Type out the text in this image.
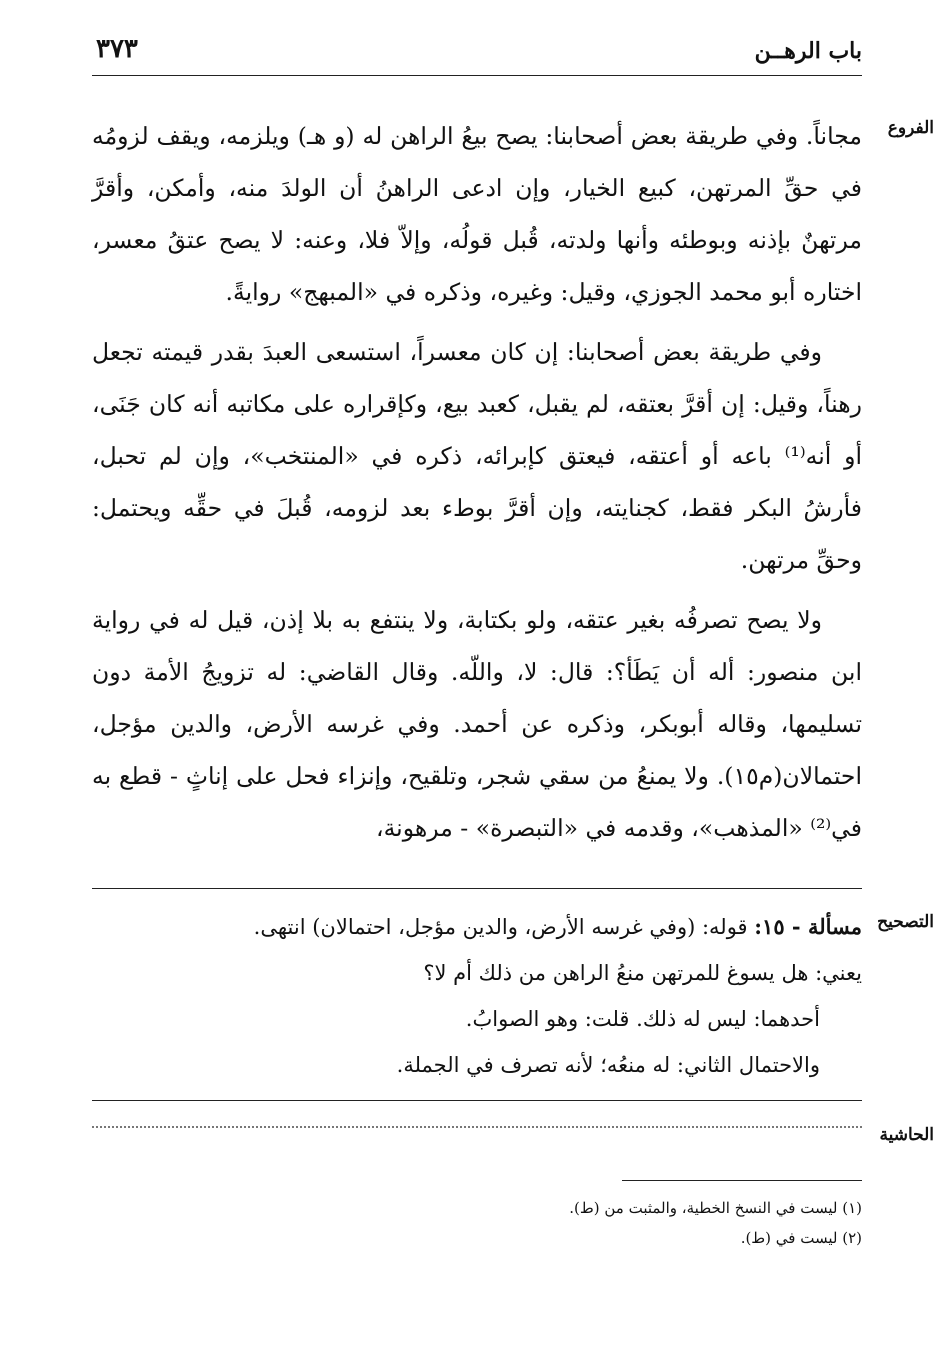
٣٧٣	باب الرهــن
الفروع

مجاناً. وفي طريقة بعض أصحابنا: يصح بيعُ الراهن له (و هـ) ويلزمه، ويقف لزومُه في حقِّ المرتهن، كبيع الخيار، وإن ادعى الراهنُ أن الولدَ منه، وأمكن، وأقرَّ مرتهنٌ بإذنه وبوطئه وأنها ولدته، قُبل قولُه، وإلاّ فلا، وعنه: لا يصح عتقُ معسر، اختاره أبو محمد الجوزي، وقيل: وغيره، وذكره في «المبهج» روايةً.

وفي طريقة بعض أصحابنا: إن كان معسراً، استسعى العبدَ بقدر قيمته تجعل رهناً، وقيل: إن أقرَّ بعتقه، لم يقبل، كعبد بيع، وكإقراره على مكاتبه أنه كان جَنَى، أو أنه⁽¹⁾ باعه أو أعتقه، فيعتق كإبرائه، ذكره في «المنتخب»، وإن لم تحبل، فأرشُ البكر فقط، كجنايته، وإن أقرَّ بوطء بعد لزومه، قُبلَ في حقِّه ويحتمل: وحقِّ مرتهن.

ولا يصح تصرفُه بغير عتقه، ولو بكتابة، ولا ينتفع به بلا إذن، قيل له في رواية ابن منصور: أله أن يَطَأ؟: قال: لا، واللّه. وقال القاضي: له تزويجُ الأمة دون تسليمها، وقاله أبوبكر، وذكره عن أحمد. وفي غرسه الأرض، والدين مؤجل، احتمالان(م١٥). ولا يمنعُ من سقي شجر، وتلقيح، وإنزاء فحل على إناثٍ - قطع به في⁽²⁾ «المذهب»، وقدمه في «التبصرة» - مرهونة،

التصحيح

مسألة - ١٥: قوله: (وفي غرسه الأرض، والدين مؤجل، احتمالان) انتهى.

يعني: هل يسوغ للمرتهن منعُ الراهن من ذلك أم لا؟

أحدهما: ليس له ذلك. قلت: وهو الصوابُ.

والاحتمال الثاني: له منعُه؛ لأنه تصرف في الجملة.

الحاشية

(١) ليست في النسخ الخطية، والمثبت من (ط).

(٢) ليست في (ط).
